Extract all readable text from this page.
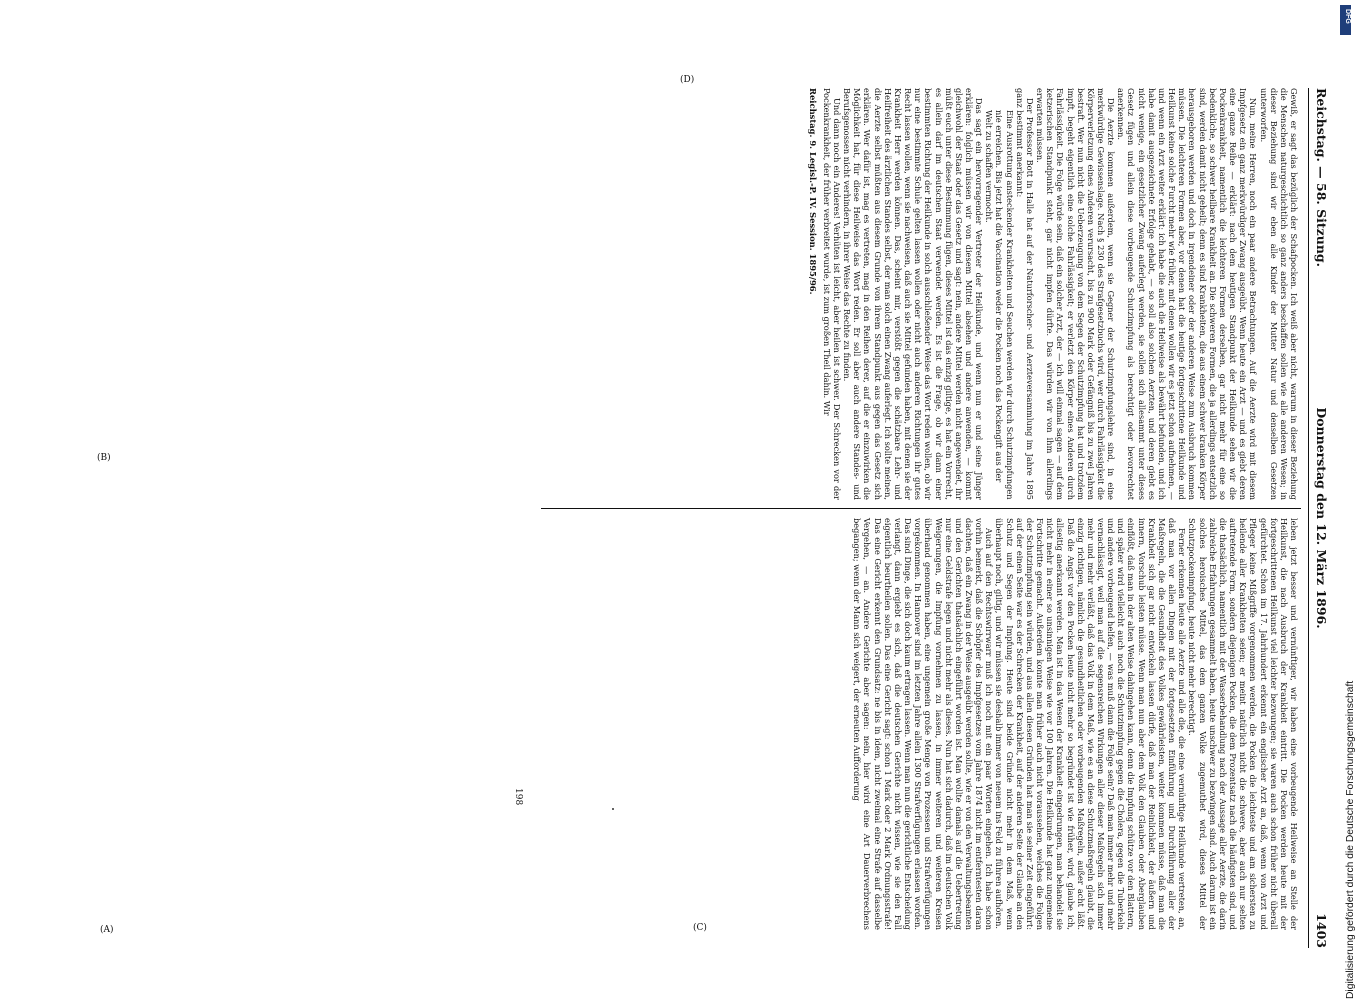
Reichstag. — 58. Sitzung.
Donnerstag den 12. März 1896.
1403

Gewiß, er sagt das bezüglich der Schafpocken. Ich weiß aber nicht, warum in dieser Beziehung die Menschen naturgeschichtlich so ganz anders beschaffen sollen wie alle anderen Wesen; in dieser Beziehung sind wir eben alle Kinder der Mutter Natur und denselben Gesetzen unterworfen.

Nun, meine Herren, noch ein paar andere Betrachtungen. Auf die Aerzte wird mit diesem Impfgesetz ein ganz merkwürdiger Zwang ausgeübt. Wenn heute ein Arzt — und es giebt deren eine ganze Reihe — erklärt: nach dem heutigen Standpunkt der Heilkunde sehen wir die Pockenkrankheit, namentlich die leichteren Formen derselben, gar nicht mehr für eine so bedenkliche, so schwer heilbare Krankheit an. Die schweren Formen, die ja allerdings entsetzlich sind, werden damit nicht geheilt; denn es sind Krankheiten, die aus einem schwer kranken Körper herausgeboren werden und doch in irgendeiner oder der anderen Weise zum Ausbruch kommen müssen. Die leichteren Formen aber, vor denen hat die heutige fortgeschrittene Heilkunde und Heilkunst keine solche Furcht mehr wie früher, mit denen wollen wir es jetzt schon aufnehmen, — und wenn ein Arzt weiter erklärt: ich habe die auch die Heilweise als bewährt befunden, und ich habe damit ausgezeichnete Erfolge gehabt, — so soll also solchen Aerzten, und deren giebt es nicht wenige, ein gesetzlicher Zwang auferlegt werden, sie sollen sich allesammt unter dieses Gesetz fügen und allein diese vorbeugende Schutzimpfung als berechtigt oder bevorrechtet anerkennen.

Die Aerzte kommen außerdem, wenn sie Gegner der Schutzimpfungslehre sind, in eine merkwürdige Gewissenslage. Nach § 230 des Strafgesetzbuchs wird, wer durch Fahrlässigkeit die Körperverletzung eines Anderen verursacht, bis zu 900 Mark oder Gefängniß bis zu zwei Jahren bestraft. Wer nun nicht die Ueberzeugung von dem Segen der Schutzimpfung hat und trotzdem impft, begeht eigentlich eine solche Fahrlässigkeit; er verletzt den Körper eines Anderen durch Fahrlässigkeit. Die Folge würde sein, daß ein solcher Arzt, der — ich will einmal sagen — auf dem ketzerischen Standpunkt steht, gar nicht impfen dürfte. Das würden wir von ihm allerdings erwarten müssen.

Der Professor Bott in Halle hat auf der Naturforscher- und Aerzteversammlung im Jahre 1895 ganz bestimmt anerkannt:

Eine Ausrottung ansteckender Krankheiten und Seuchen werden wir durch Schutzimpfungen nie erreichen. Bis jetzt hat die Vaccination weder die Pocken noch das Pockengift aus der Welt zu schaffen vermocht.

Das sagt ein hervorragender Vertreter der Heilkunde, und wenn nun er und seine Jünger erklären: folglich müssen wir von diesem Mittel absehen und andere anwenden, — kommt gleichwohl der Staat oder das Gesetz und sagt: nein, andere Mittel werden nicht angewendet, ihr müßt euch unter diese Bestimmung fügen, dieses Mittel ist das einzig giltige, es hat ein Vorrecht, es allein darf im deutschen Staat verwendet werden. Es ist die Frage, ob wir dann einer bestimmten Richtung der Heilkunde in solch ausschließender Weise das Wort reden wollen, ob wir nur eine bestimmte Schule gelten lassen wollen oder nicht auch anderen Richtungen ihr gutes Recht lassen wollen, wenn sie nachweisen, daß auch sie Mittel gefunden haben, mit denen sie der Krankheit Herr werden können. Das, scheint mir, verstößt gegen die schätzbare Lehr- und Heilfreiheit des ärztlichen Standes selbst, der man solch einen Zwang auferlegt. Ich sollte meinen, die Aerzte selbst müßten aus diesem Grunde von ihrem Standpunkt aus gegen das Gesetz sich erklären. Wer dafür ist, mag es vertreten, mag in den Reihen derer, auf die er einzuwirken die Möglichkeit hat, für diese Heilweise das Wort reden. Er soll aber auch andere Standes- und Berufsgenossen nicht verhindern, in ihrer Weise das Rechte zu finden.

Und dann noch ein Anderes! Verhüten ist leicht, aber heilen ist schwer. Der Schrecken vor der Pockenkrankheit, der früher verbreitet wurde, ist zum großen Theil dahin. Wir

Reichstag. 9. Legisl.-P. IV. Session. 1895/96.

leben jetzt besser und vernünftiger, wir haben eine vorbeugende Heilweise an Stelle der Heilkunst, die nach Ausbruch der Krankheit eintritt. Die Pocken werden heute mit der fortgeschrittenen Heilkunst viel leichter bezwungen; sie waren auch schon früher nicht überall gefürchtet. Schon im 17. Jahrhundert erkennt ein englischer Arzt an, daß, wenn von Arzt und Pfleger keine Mißgriffe vorgenommen werden, die Pocken die leichteste und am sichersten zu heilende aller Krankheiten seien; er meint natürlich nicht die schwere, aber auch nur selten auftretende Form, sondern diejenigen Pocken, die dem Prozentsatz nach die häufigsten sind, und die thatsächlich, namentlich mit der Wasserbehandlung nach der Aussage aller Aerzte, die darin zahlreiche Erfahrungen gesammelt haben, heute unschwer zu bezwingen sind. Auch darum ist ein solches heroisches Mittel, das dem ganzen Volke zugemuthet wird, dieses Mittel der Schutzpockenimpfung, heute nicht mehr berechtigt.

Ferner erkennen heute alle Aerzte und alle die, die eine vernünftige Heilkunde vertreten, an, daß man vor allen Dingen mit der fortgesetzten Einführung und Durchführung aller der Maßregeln, die die Gesundheit des Volkes gewährleisten, weiter kommen müsse, daß man die Krankheit sich gar nicht entwickeln lassen dürfe, daß man der Reinlichkeit, der äußern und innern, Vorschub leisten müsse. Wenn man nun aber dem Volk den Glauben oder Aberglauben einflößt, daß man in der alten Weise dahingehen kann, denn die Impfung schütze vor den Blattern, und später wird vielleicht auch noch die Schutzimpfung gegen die Cholera, gegen die Tuberkeln und andere vorbeugend helfen, — was muß dann die Folge sein? Daß man immer mehr und mehr vernachlässigt, weil man auf die segensreichen Wirkungen aller dieser Maßregeln sich immer mehr und mehr verläßt, daß das Volk in dem Maß, wie es an diese Schutzmaßregeln glaubt, die einzig richtigen, nämlich die gesundheitlichen oder vorbeugenden Maßregeln, außer acht läßt. Daß die Angst vor den Pocken heute nicht mehr so begründet ist wie früher, wird, glaube ich, allseitig anerkannt werden. Man ist in das Wesen der Krankheit eingedrungen, man behandelt sie nicht mehr in einer so unsinnigen Weise wie vor 100 Jahren. Die Heilkunde hat ganz ungemeine Fortschritte gemacht. Außerdem konnte man früher auch nicht voraussehen, welches die Folgen der Schutzimpfung sein würden, und aus allen diesen Gründen hat man sie seiner Zeit eingeführt: auf der einen Seite war es der Schrecken der Krankheit, auf der anderen Seite der Glaube an den Schutz und Segen der Impfung. Heute sind beide Gründe nicht mehr in dem Maß, wenn überhaupt noch, giltig, und wir müssen sie deshalb immer von neuem ins Feld zu führen aufhören.

Auch auf den Rechtswirrwarr muß ich noch mit ein paar Worten eingehen. Ich habe schon vorhin bemerkt, daß die Schöpfer des Impfgesetzes vom Jahre 1874 nicht im entferntesten daran dachten, daß ein Zwang in der Weise ausgeübt werden sollte, wie er von den Verwaltungsbeamten und den Gerichten thatsächlich eingeführt worden ist. Man wollte damals auf die Uebertretung nur eine Geldstrafe legen und nicht mehr als dieses. Nun hat sich dadurch, daß im deutschen Volk Weigerungen, die Impfung vornehmen zu lassen, in immer weiteren und weiteren Kreisen überhand genommen haben, eine ungemein große Menge von Prozessen und Strafverfügungen vorgekommen. In Hannover sind im letzten Jahre allein 1300 Strafverfügungen erlassen worden. Das sind Dinge, die sich doch kaum ertragen lassen. Wenn man nun die gerichtliche Entscheidung verlangt, dann ergiebt es sich, daß die deutschen Gerichte nicht wissen, wie sie den Fall eigentlich beurtheilen sollen. Das eine Gericht sagt: schon 1 Mark oder 2 Mark Ordnungsstrafe! Das eine Gericht erkennt den Grundsatz: ne bis in idem, nicht zweimal eine Strafe auf dasselbe Vergehen, — an. Andere Gerichte aber sagen: nein, hier wird eine Art Dauerverbrechens begangen; wenn der Mann sich weigert, der erneuten Aufforderung

198
(A)
(B)
(C)
(D)
DFG
Digitalisierung gefördert durch die Deutsche Forschungsgemeinschaft
